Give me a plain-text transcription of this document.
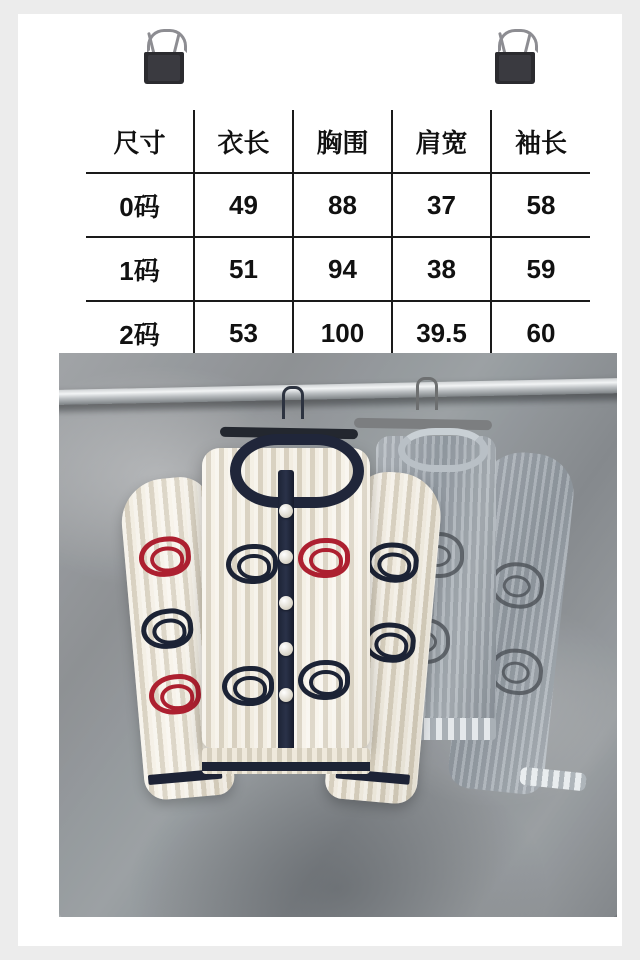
尺寸	衣长	胸围	肩宽	袖长
0码	49	88	37	58
1码	51	94	38	59
2码	53	100	39.5	60
